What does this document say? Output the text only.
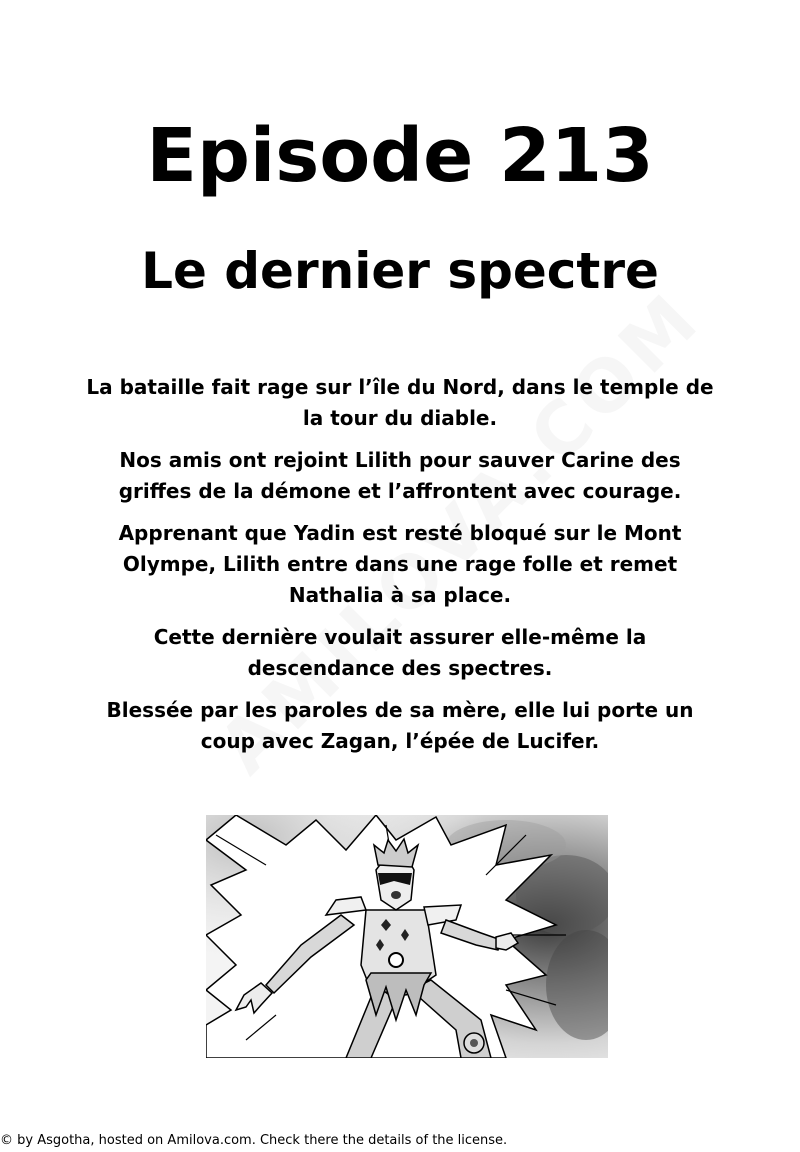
Episode 213
Le dernier spectre

La bataille fait rage sur l’île du Nord, dans le temple de la tour du diable.

Nos amis ont rejoint Lilith pour sauver Carine des griffes de la démone et l’affrontent avec courage.

Apprenant que Yadin est resté bloqué sur le Mont Olympe, Lilith entre dans une rage folle et remet Nathalia à sa place.

Cette dernière voulait assurer elle-même la descendance des spectres.

Blessée par les paroles de sa mère, elle lui porte un coup avec Zagan, l’épée de Lucifer.

© by Asgotha, hosted on Amilova.com. Check there the details of the license.
